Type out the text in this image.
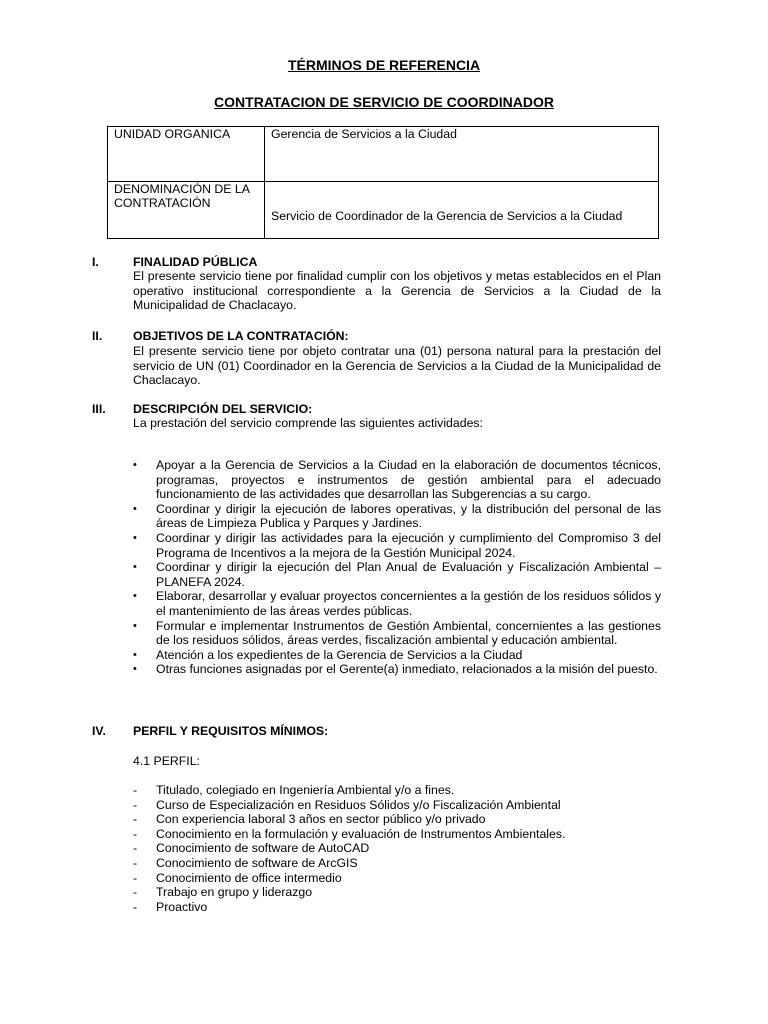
TÉRMINOS DE REFERENCIA
CONTRATACION DE SERVICIO DE COORDINADOR
UNIDAD ORGANICA	Gerencia de Servicios a la Ciudad

DENOMINACIÓN DE LA
CONTRATACIÓN	Servicio de Coordinador de la Gerencia de Servicios a la Ciudad
I.	FINALIDAD PÚBLICA
El presente servicio tiene por finalidad cumplir con los objetivos y metas establecidos en el Plan operativo institucional correspondiente a la Gerencia de Servicios a la Ciudad de la Municipalidad de Chaclacayo.
II.	OBJETIVOS DE LA CONTRATACIÓN:
El presente servicio tiene por objeto contratar una (01) persona natural para la prestación del servicio de UN (01) Coordinador en la Gerencia de Servicios a la Ciudad de la Municipalidad de Chaclacayo.
III. DESCRIPCIÓN DEL SERVICIO:
La prestación del servicio comprende las siguientes actividades:
• Apoyar a la Gerencia de Servicios a la Ciudad en la elaboración de documentos técnicos, programas, proyectos e instrumentos de gestión ambiental para el adecuado funcionamiento de las actividades que desarrollan las Subgerencias a su cargo.
• Coordinar y dirigir la ejecución de labores operativas, y la distribución del personal de las áreas de Limpieza Publica y Parques y Jardines.
• Coordinar y dirigir las actividades para la ejecución y cumplimiento del Compromiso 3 del Programa de Incentivos a la mejora de la Gestión Municipal 2024.
• Coordinar y dirigir la ejecución del Plan Anual de Evaluación y Fiscalización Ambiental – PLANEFA 2024.
• Elaborar, desarrollar y evaluar proyectos concernientes a la gestión de los residuos sólidos y el mantenimiento de las áreas verdes públicas.
• Formular e implementar Instrumentos de Gestión Ambiental, concernientes a las gestiones de los residuos sólidos, áreas verdes, fiscalización ambiental y educación ambiental.
• Atención a los expedientes de la Gerencia de Servicios a la Ciudad
• Otras funciones asignadas por el Gerente(a) inmediato, relacionados a la misión del puesto.
IV. PERFIL Y REQUISITOS MÍNIMOS:
4.1 PERFIL:
- Titulado, colegiado en Ingeniería Ambiental y/o a fines.
- Curso de Especialización en Residuos Sólidos y/o Fiscalización Ambiental
- Con experiencia laboral 3 años en sector público y/o privado
- Conocimiento en la formulación y evaluación de Instrumentos Ambientales.
- Conocimiento de software de AutoCAD
- Conocimiento de software de ArcGIS
- Conocimiento de office intermedio
- Trabajo en grupo y liderazgo
- Proactivo
